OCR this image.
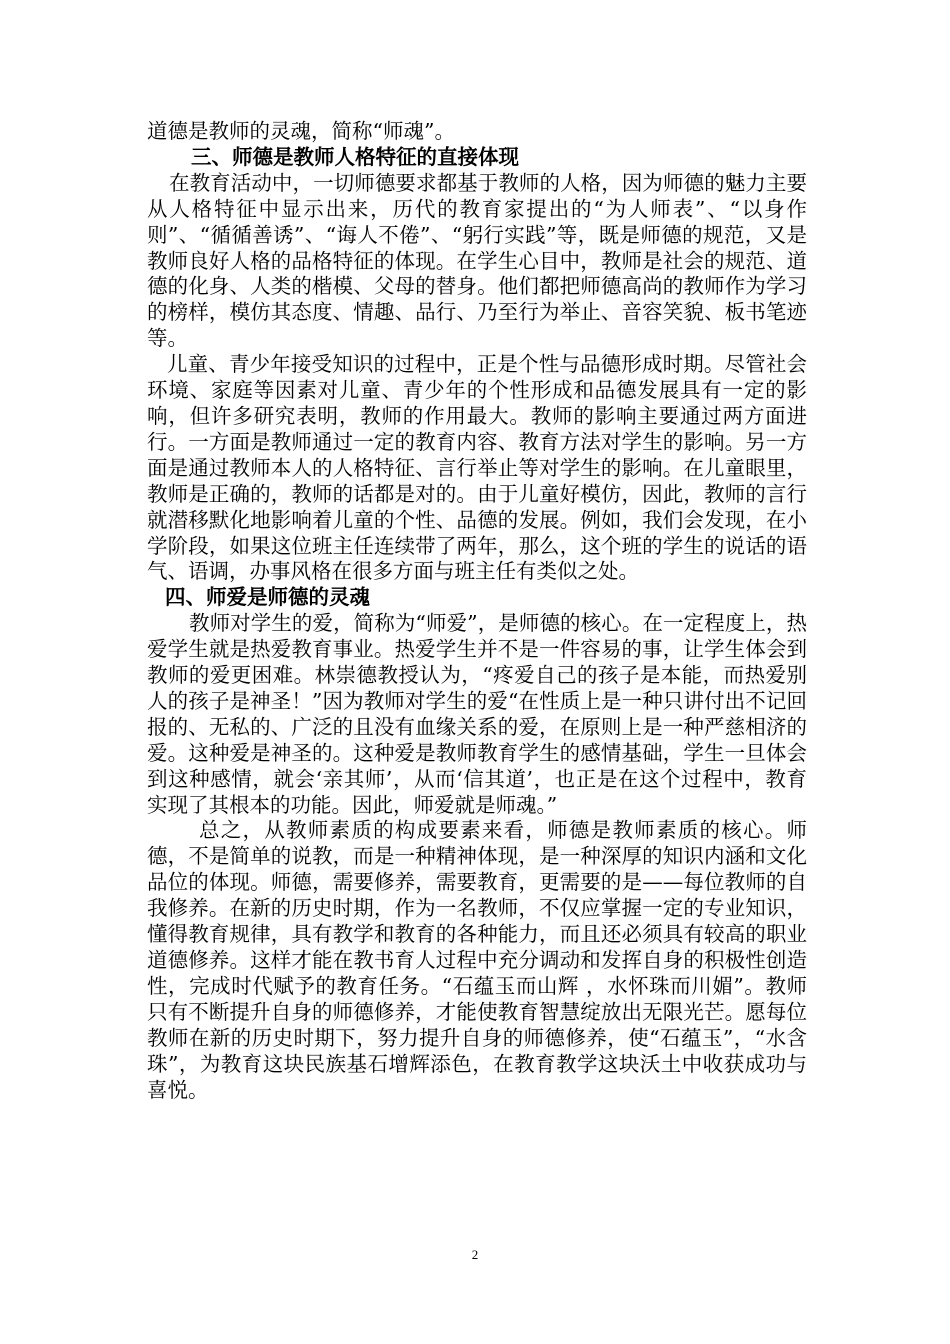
道德是教师的灵魂，简称“师魂”。

三、师德是教师人格特征的直接体现

在教育活动中，一切师德要求都基于教师的人格，因为师德的魅力主要从人格特征中显示出来，历代的教育家提出的“为人师表”、“以身作则”、“循循善诱”、“诲人不倦”、“躬行实践”等，既是师德的规范，又是教师良好人格的品格特征的体现。在学生心目中，教师是社会的规范、道德的化身、人类的楷模、父母的替身。他们都把师德高尚的教师作为学习的榜样，模仿其态度、情趣、品行、乃至行为举止、音容笑貌、板书笔迹等。

儿童、青少年接受知识的过程中，正是个性与品德形成时期。尽管社会环境、家庭等因素对儿童、青少年的个性形成和品德发展具有一定的影响，但许多研究表明，教师的作用最大。教师的影响主要通过两方面进行。一方面是教师通过一定的教育内容、教育方法对学生的影响。另一方面是通过教师本人的人格特征、言行举止等对学生的影响。在儿童眼里，教师是正确的，教师的话都是对的。由于儿童好模仿，因此，教师的言行就潜移默化地影响着儿童的个性、品德的发展。例如，我们会发现，在小学阶段，如果这位班主任连续带了两年，那么，这个班的学生的说话的语气、语调，办事风格在很多方面与班主任有类似之处。

四、师爱是师德的灵魂

教师对学生的爱，简称为“师爱”，是师德的核心。在一定程度上，热爱学生就是热爱教育事业。热爱学生并不是一件容易的事，让学生体会到教师的爱更困难。林崇德教授认为，“疼爱自己的孩子是本能，而热爱别人的孩子是神圣！”因为教师对学生的爱“在性质上是一种只讲付出不记回报的、无私的、广泛的且没有血缘关系的爱，在原则上是一种严慈相济的爱。这种爱是神圣的。这种爱是教师教育学生的感情基础，学生一旦体会到这种感情，就会‘亲其师’，从而‘信其道’，也正是在这个过程中，教育实现了其根本的功能。因此，师爱就是师魂。”

总之，从教师素质的构成要素来看，师德是教师素质的核心。师德，不是简单的说教，而是一种精神体现，是一种深厚的知识内涵和文化品位的体现。师德，需要修养，需要教育，更需要的是——每位教师的自我修养。在新的历史时期，作为一名教师，不仅应掌握一定的专业知识，懂得教育规律，具有教学和教育的各种能力，而且还必须具有较高的职业道德修养。这样才能在教书育人过程中充分调动和发挥自身的积极性创造性，完成时代赋予的教育任务。“石蕴玉而山辉 ，水怀珠而川媚”。教师只有不断提升自身的师德修养，才能使教育智慧绽放出无限光芒。愿每位教师在新的历史时期下，努力提升自身的师德修养，使“石蕴玉”，“水含珠”，为教育这块民族基石增辉添色，在教育教学这块沃土中收获成功与喜悦。

2
